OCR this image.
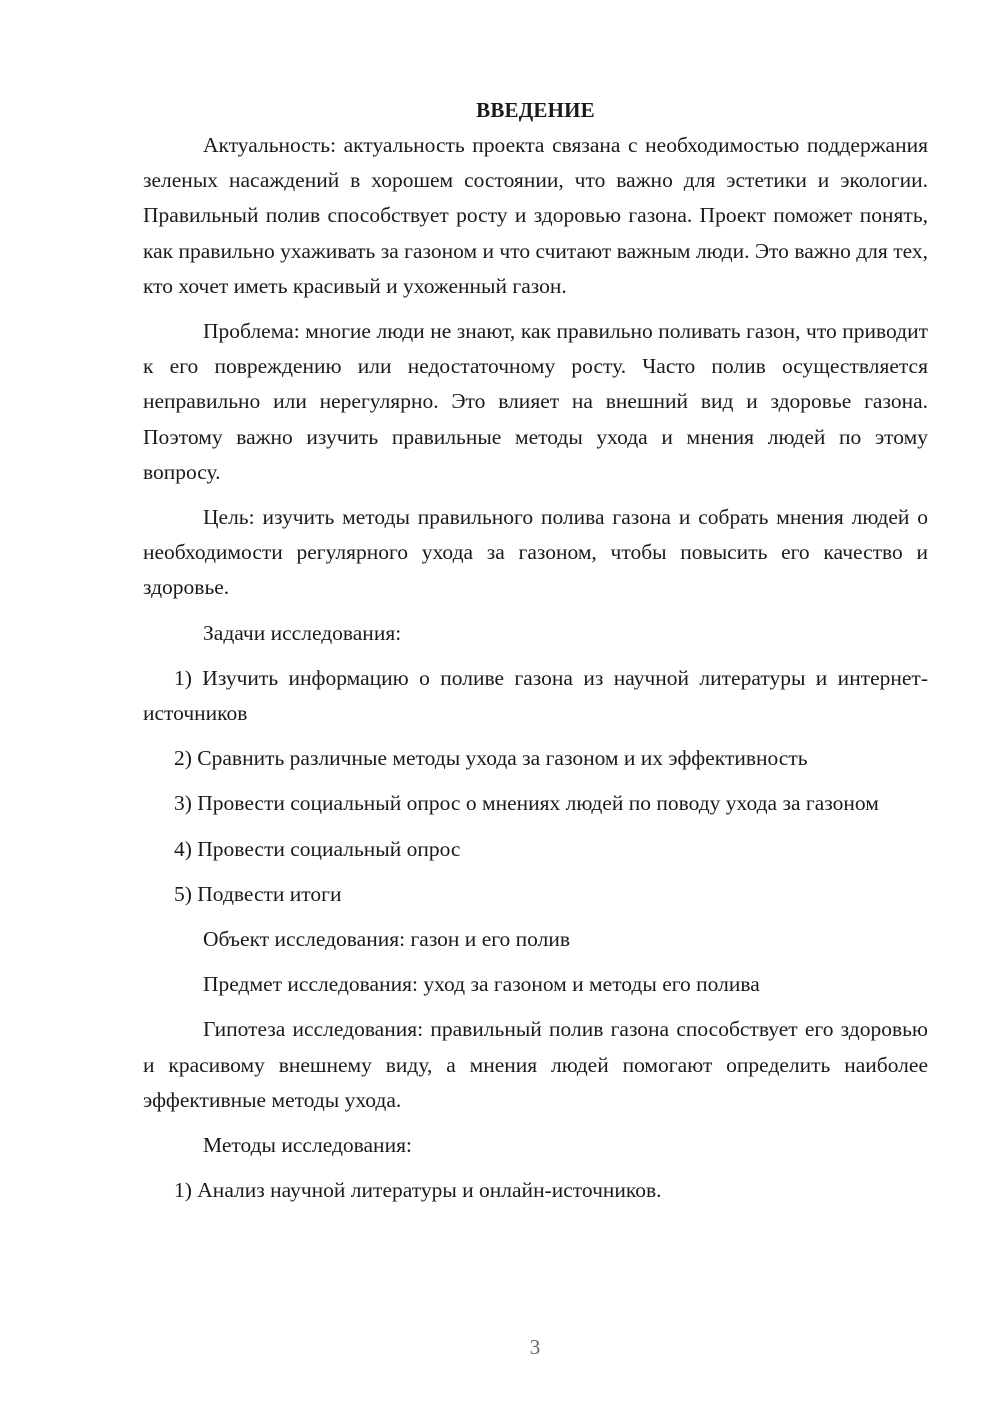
ВВЕДЕНИЕ

Актуальность: актуальность проекта связана с необходимостью поддержания зеленых насаждений в хорошем состоянии, что важно для эстетики и экологии. Правильный полив способствует росту и здоровью газона. Проект поможет понять, как правильно ухаживать за газоном и что считают важным люди. Это важно для тех, кто хочет иметь красивый и ухоженный газон.

Проблема: многие люди не знают, как правильно поливать газон, что приводит к его повреждению или недостаточному росту. Часто полив осуществляется неправильно или нерегулярно. Это влияет на внешний вид и здоровье газона. Поэтому важно изучить правильные методы ухода и мнения людей по этому вопросу.

Цель: изучить методы правильного полива газона и собрать мнения людей о необходимости регулярного ухода за газоном, чтобы повысить его качество и здоровье.

Задачи исследования:

1) Изучить информацию о поливе газона из научной литературы и интернет-источников

2) Сравнить различные методы ухода за газоном и их эффективность

3) Провести социальный опрос о мнениях людей по поводу ухода за газоном

4) Провести социальный опрос

5) Подвести итоги

Объект исследования: газон и его полив

Предмет исследования: уход за газоном и методы его полива

Гипотеза исследования: правильный полив газона способствует его здоровью и красивому внешнему виду, а мнения людей помогают определить наиболее эффективные методы ухода.

Методы исследования:

1) Анализ научной литературы и онлайн-источников.

3
